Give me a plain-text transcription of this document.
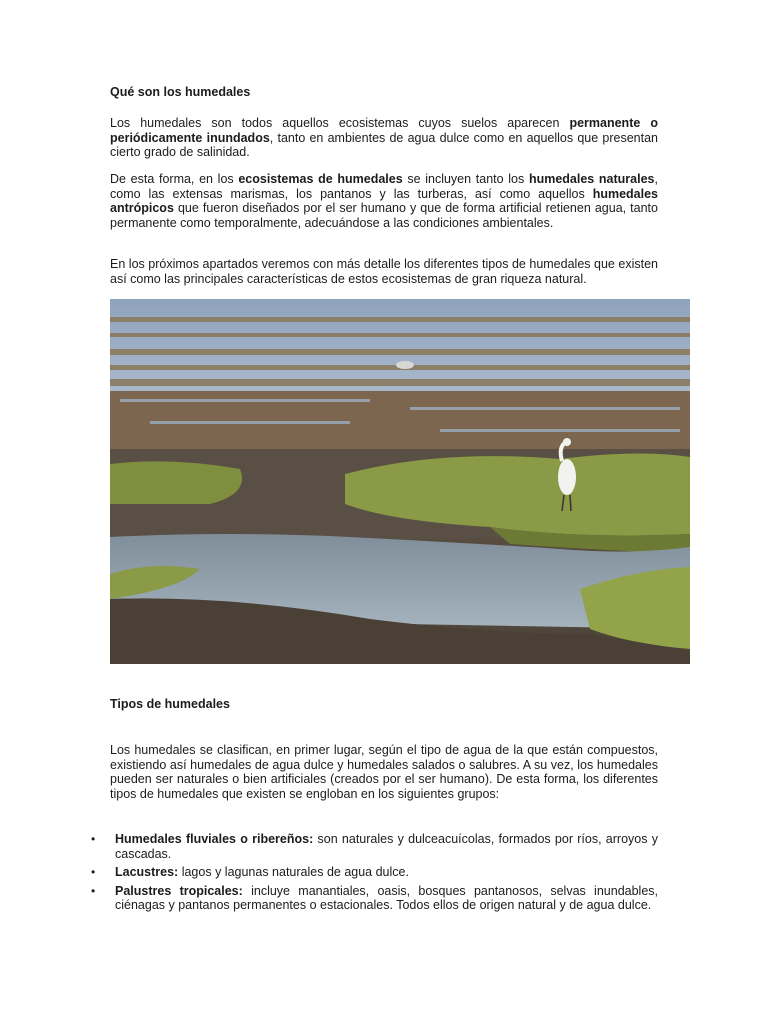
Qué son los humedales

Los humedales son todos aquellos ecosistemas cuyos suelos aparecen permanente o periódicamente inundados, tanto en ambientes de agua dulce como en aquellos que presentan cierto grado de salinidad.

De esta forma, en los ecosistemas de humedales se incluyen tanto los humedales naturales, como las extensas marismas, los pantanos y las turberas, así como aquellos humedales antrópicos que fueron diseñados por el ser humano y que de forma artificial retienen agua, tanto permanente como temporalmente, adecuándose a las condiciones ambientales.

En los próximos apartados veremos con más detalle los diferentes tipos de humedales que existen así como las principales características de estos ecosistemas de gran riqueza natural.

Tipos de humedales

Los humedales se clasifican, en primer lugar, según el tipo de agua de la que están compuestos, existiendo así humedales de agua dulce y humedales salados o salubres. A su vez, los humedales pueden ser naturales o bien artificiales (creados por el ser humano). De esta forma, los diferentes tipos de humedales que existen se engloban en los siguientes grupos:

• Humedales fluviales o ribereños: son naturales y dulceacuícolas, formados por ríos, arroyos y cascadas.
• Lacustres: lagos y lagunas naturales de agua dulce.
• Palustres tropicales: incluye manantiales, oasis, bosques pantanosos, selvas inundables, ciénagas y pantanos permanentes o estacionales. Todos ellos de origen natural y de agua dulce.
